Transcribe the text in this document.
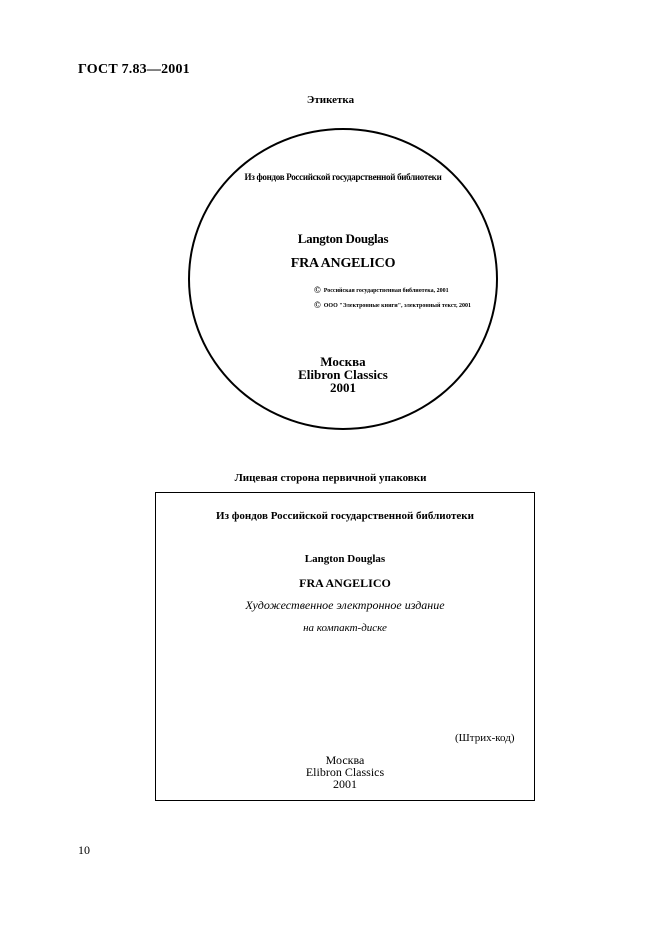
ГОСТ 7.83—2001
Этикетка
Из фондов Российской государственной библиотеки
Langton Douglas
FRA ANGELICO
© Российская государственная библиотека, 2001
© ООО "Электронные книги", электронный текст, 2001
Москва
Elibron Classics
2001
Лицевая сторона первичной упаковки
Из фондов Российской государственной библиотеки
Langton Douglas
FRA ANGELICO
Художественное электронное издание
на компакт-диске
(Штрих-код)
Москва
Elibron Classics
2001
10
